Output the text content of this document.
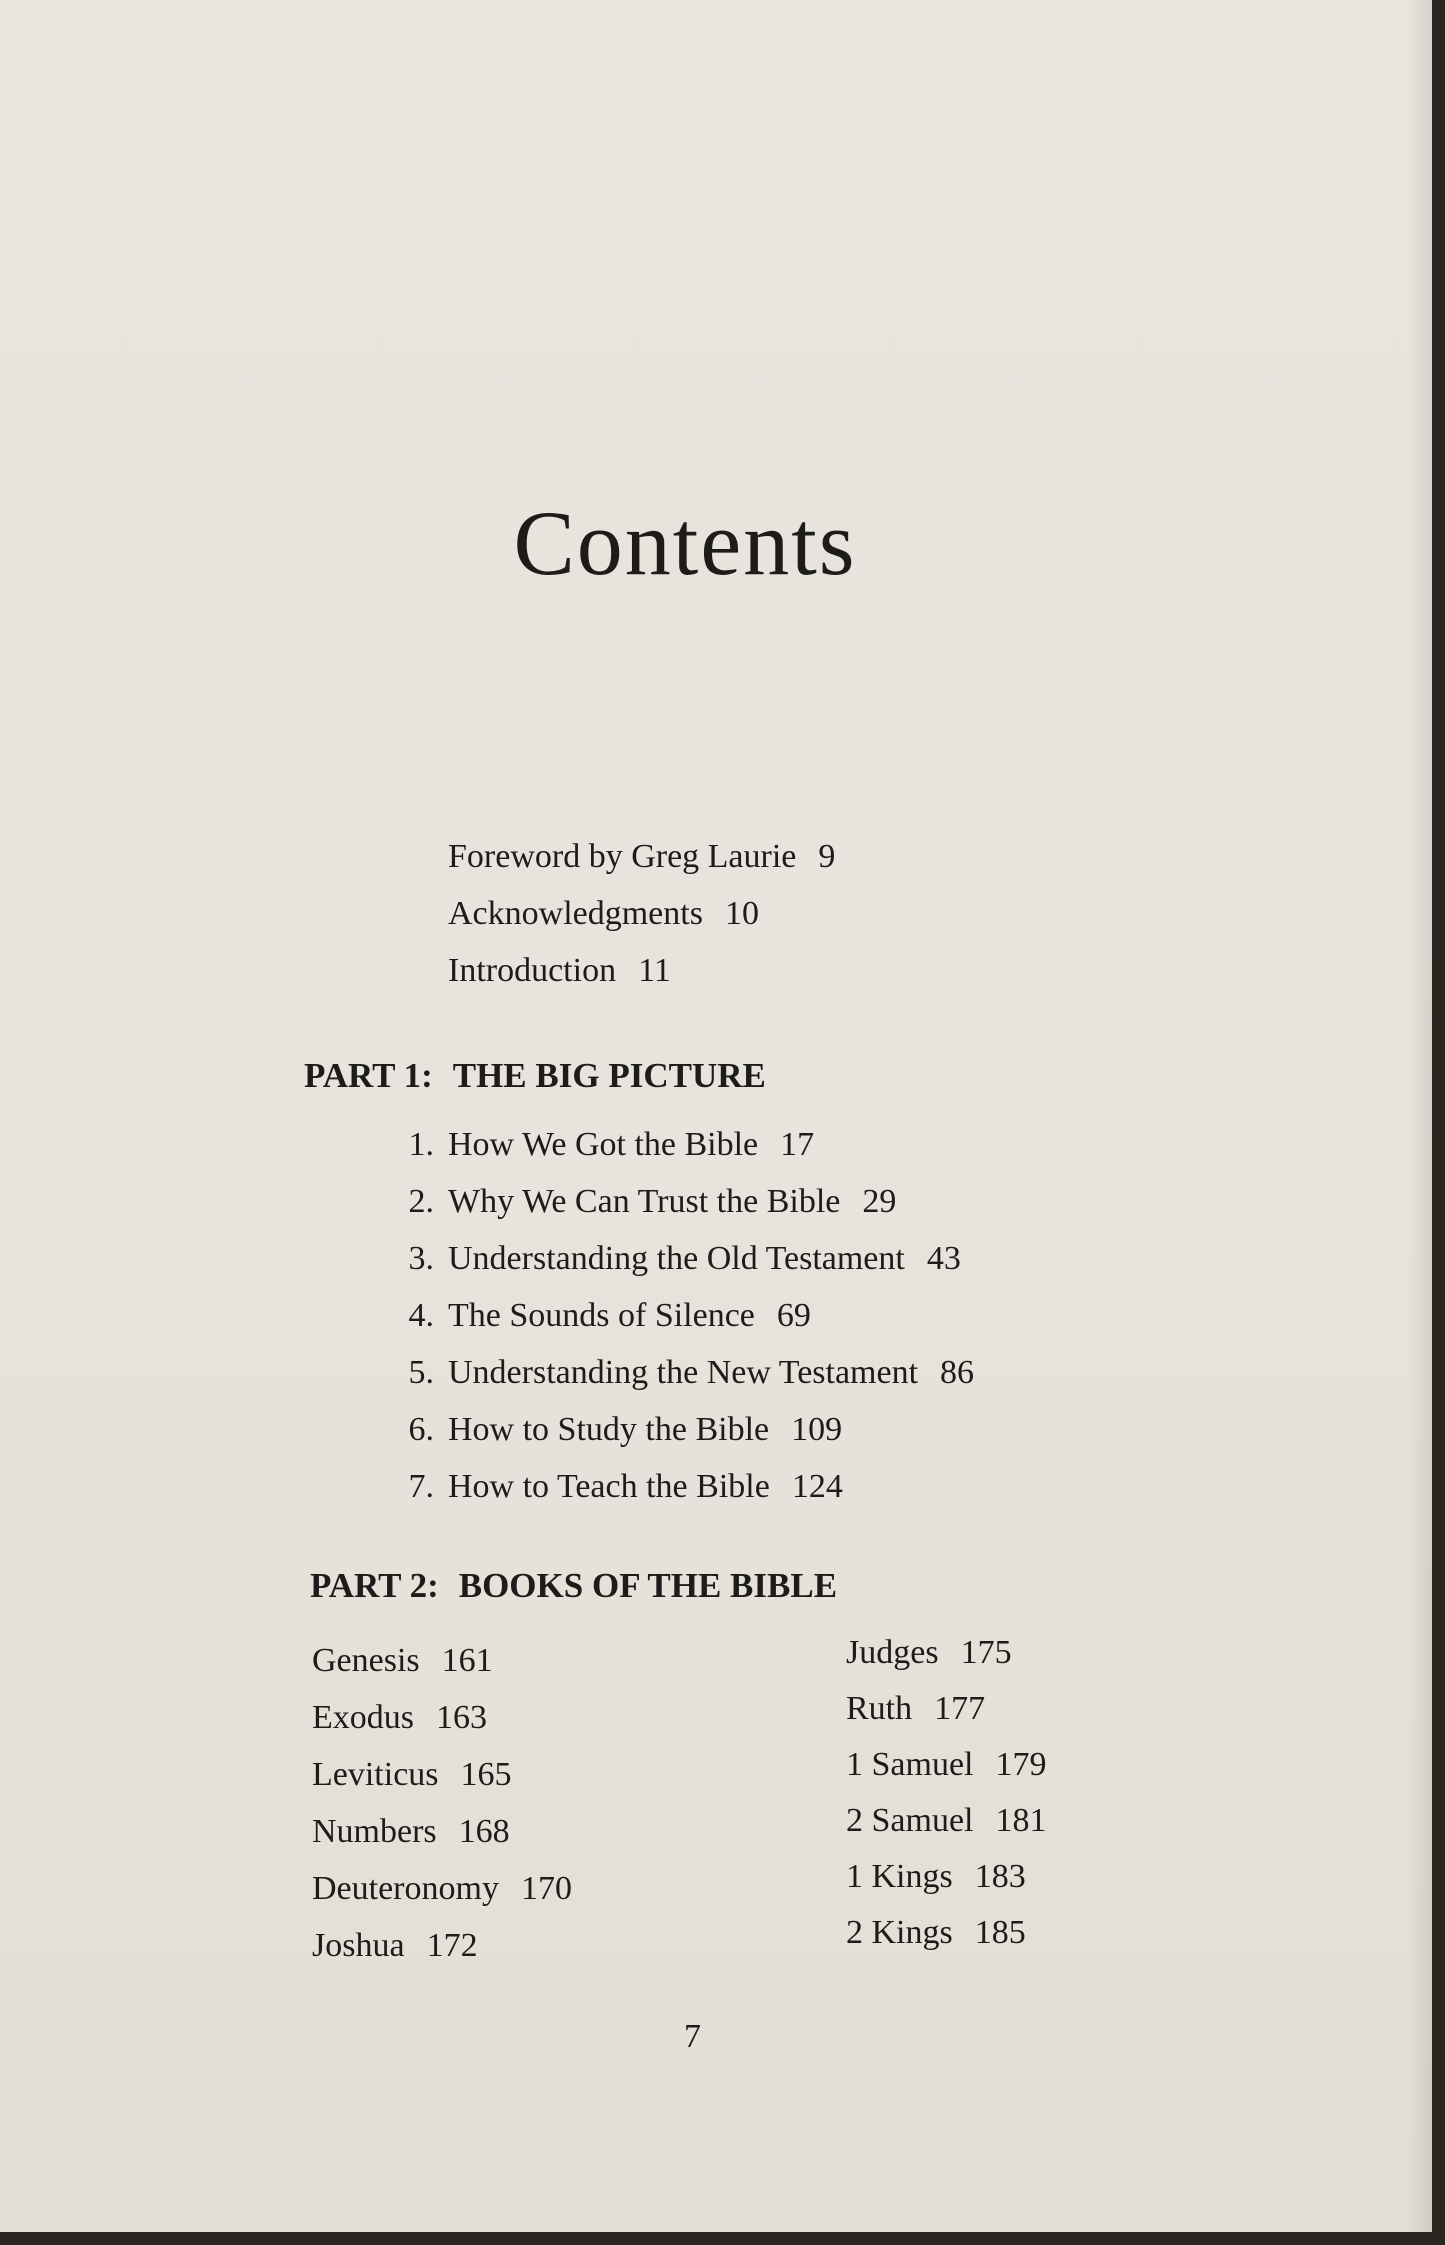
Contents
Foreword by Greg Laurie 9
Acknowledgments 10
Introduction 11
PART 1: THE BIG PICTURE
1. How We Got the Bible 17
2. Why We Can Trust the Bible 29
3. Understanding the Old Testament 43
4. The Sounds of Silence 69
5. Understanding the New Testament 86
6. How to Study the Bible 109
7. How to Teach the Bible 124
PART 2: BOOKS OF THE BIBLE
Genesis 161
Exodus 163
Leviticus 165
Numbers 168
Deuteronomy 170
Joshua 172
Judges 175
Ruth 177
1 Samuel 179
2 Samuel 181
1 Kings 183
2 Kings 185
7
